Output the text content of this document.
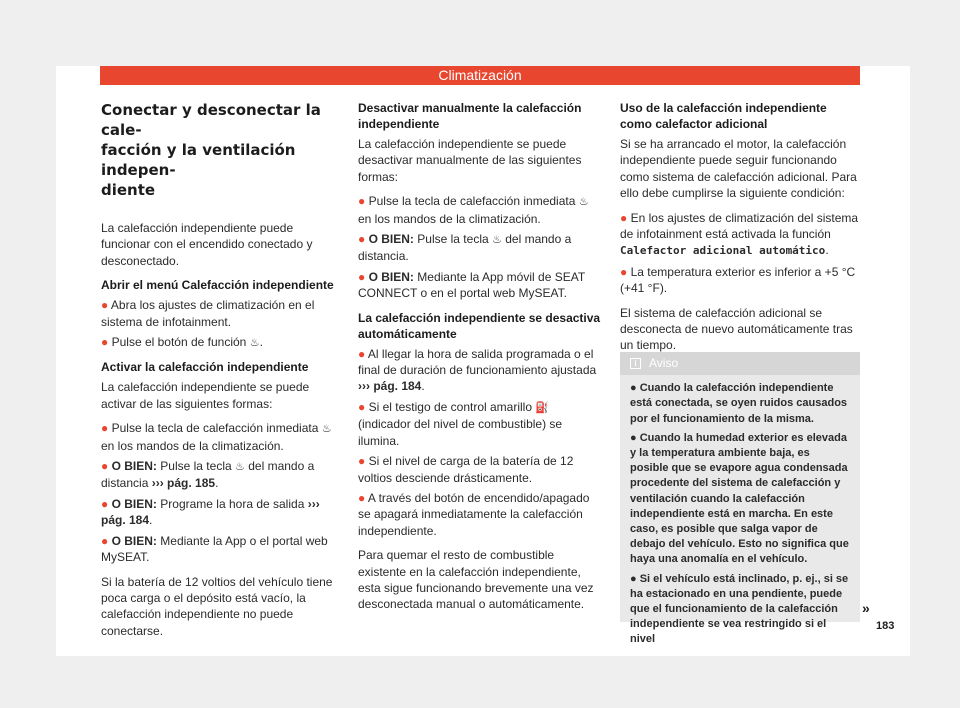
Climatización
Conectar y desconectar la cale-
facción y la ventilación indepen-
diente

La calefacción independiente puede funcionar con el encendido conectado y desconectado.

Abrir el menú Calefacción independiente
● Abra los ajustes de climatización en el sistema de infotainment.
● Pulse el botón de función ♨.
Activar la calefacción independiente

La calefacción independiente se puede activar de las siguientes formas:

● Pulse la tecla de calefacción inmediata ♨ en los mandos de la climatización.
● O BIEN: Pulse la tecla ♨ del mando a distancia ››› pág. 185.
● O BIEN: Programe la hora de salida ››› pág. 184.
● O BIEN: Mediante la App o el portal web MySEAT.

Si la batería de 12 voltios del vehículo tiene poca carga o el depósito está vacío, la calefacción independiente no puede conectarse.

Desactivar manualmente la calefacción independiente

La calefacción independiente se puede desactivar manualmente de las siguientes formas:

● Pulse la tecla de calefacción inmediata ♨ en los mandos de la climatización.
● O BIEN: Pulse la tecla ♨ del mando a distancia.
● O BIEN: Mediante la App móvil de SEAT CONNECT o en el portal web MySEAT.
La calefacción independiente se desactiva automáticamente
● Al llegar la hora de salida programada o el final de duración de funcionamiento ajustada ››› pág. 184.
● Si el testigo de control amarillo ⛽ (indicador del nivel de combustible) se ilumina.
● Si el nivel de carga de la batería de 12 voltios desciende drásticamente.
● A través del botón de encendido/apagado se apagará inmediatamente la calefacción independiente.

Para quemar el resto de combustible existente en la calefacción independiente, esta sigue funcionando brevemente una vez desconectada manual o automáticamente.

Uso de la calefacción independiente como calefactor adicional

Si se ha arrancado el motor, la calefacción independiente puede seguir funcionando como sistema de calefacción adicional. Para ello debe cumplirse la siguiente condición:

● En los ajustes de climatización del sistema de infotainment está activada la función Calefactor adicional automático.
● La temperatura exterior es inferior a +5 °C (+41 °F).

El sistema de calefacción adicional se desconecta de nuevo automáticamente tras un tiempo.

i	Aviso
● Cuando la calefacción independiente está conectada, se oyen ruidos causados por el funcionamiento de la misma.
● Cuando la humedad exterior es elevada y la temperatura ambiente baja, es posible que se evapore agua condensada procedente del sistema de calefacción y ventilación cuando la calefacción independiente está en marcha. En este caso, es posible que salga vapor de debajo del vehículo. Esto no significa que haya una anomalía en el vehículo.
● Si el vehículo está inclinado, p. ej., si se ha estacionado en una pendiente, puede que el funcionamiento de la calefacción independiente se vea restringido si el nivel
»
183
